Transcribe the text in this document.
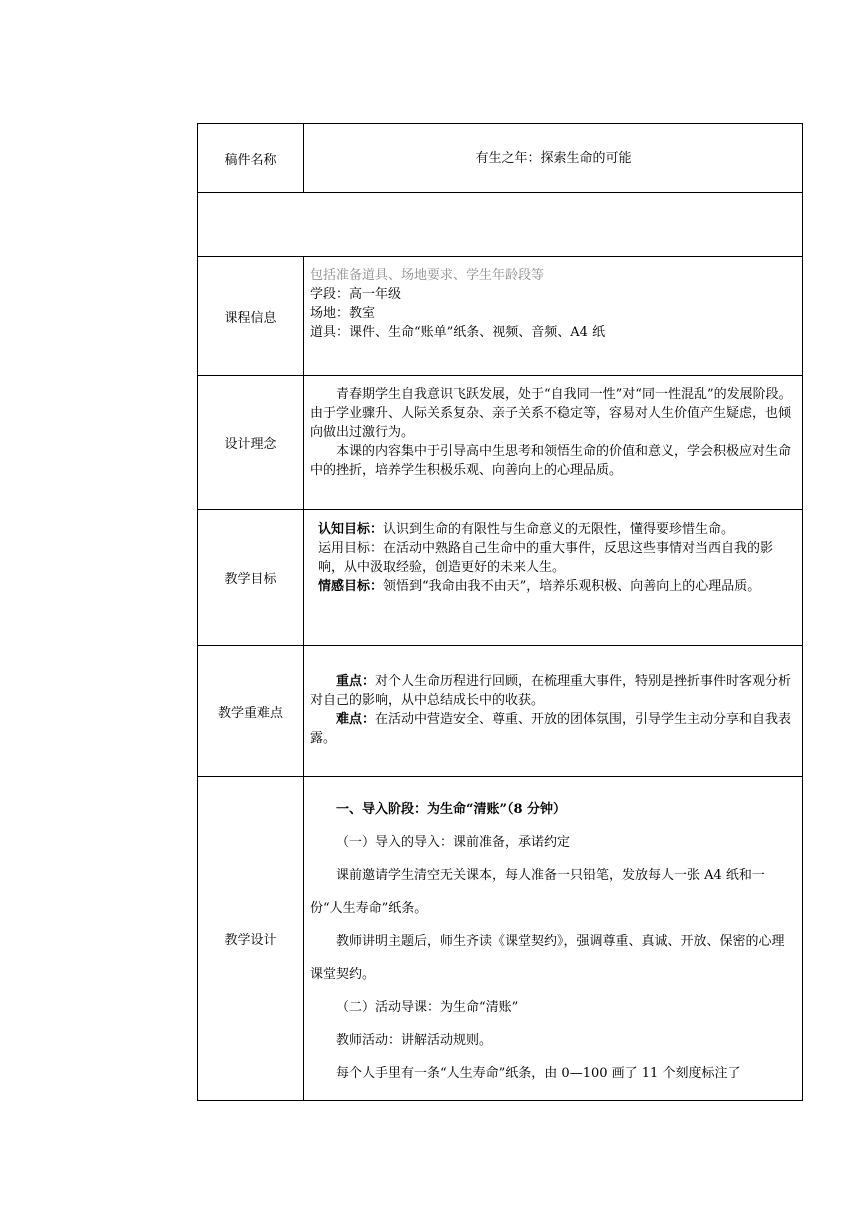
稿件名称	有生之年：探索生命的可能
课程信息

包括准备道具、场地要求、学生年龄段等

学段：高一年级

场地：教室

道具：课件、生命“账单”纸条、视频、音频、A4 纸

设计理念

青春期学生自我意识飞跃发展，处于“自我同一性”对“同一性混乱”的发展阶段。由于学业骤升、人际关系复杂、亲子关系不稳定等，容易对人生价值产生疑虑，也倾向做出过激行为。

本课的内容集中于引导高中生思考和领悟生命的价值和意义，学会积极应对生命中的挫折，培养学生积极乐观、向善向上的心理品质。

教学目标

认知目标：认识到生命的有限性与生命意义的无限性，懂得要珍惜生命。

运用目标：在活动中熟路自己生命中的重大事件，反思这些事情对当西自我的影响，从中汲取经验，创造更好的未来人生。

情感目标：领悟到“我命由我不由天”，培养乐观积极、向善向上的心理品质。

教学重难点

重点：对个人生命历程进行回顾，在梳理重大事件，特别是挫折事件时客观分析对自己的影响，从中总结成长中的收获。

难点：在活动中营造安全、尊重、开放的团体氛围，引导学生主动分享和自我表露。

教学设计

一、导入阶段：为生命“清账”（8 分钟）

（一）导入的导入：课前准备，承诺约定

课前邀请学生清空无关课本，每人准备一只铅笔，发放每人一张 A4 纸和一份“人生寿命”纸条。

教师讲明主题后，师生齐读《课堂契约》，强调尊重、真诚、开放、保密的心理课堂契约。

（二）活动导课：为生命“清账”

教师活动：讲解活动规则。

每个人手里有一条“人生寿命”纸条，由 0—100 画了 11 个刻度标注了
